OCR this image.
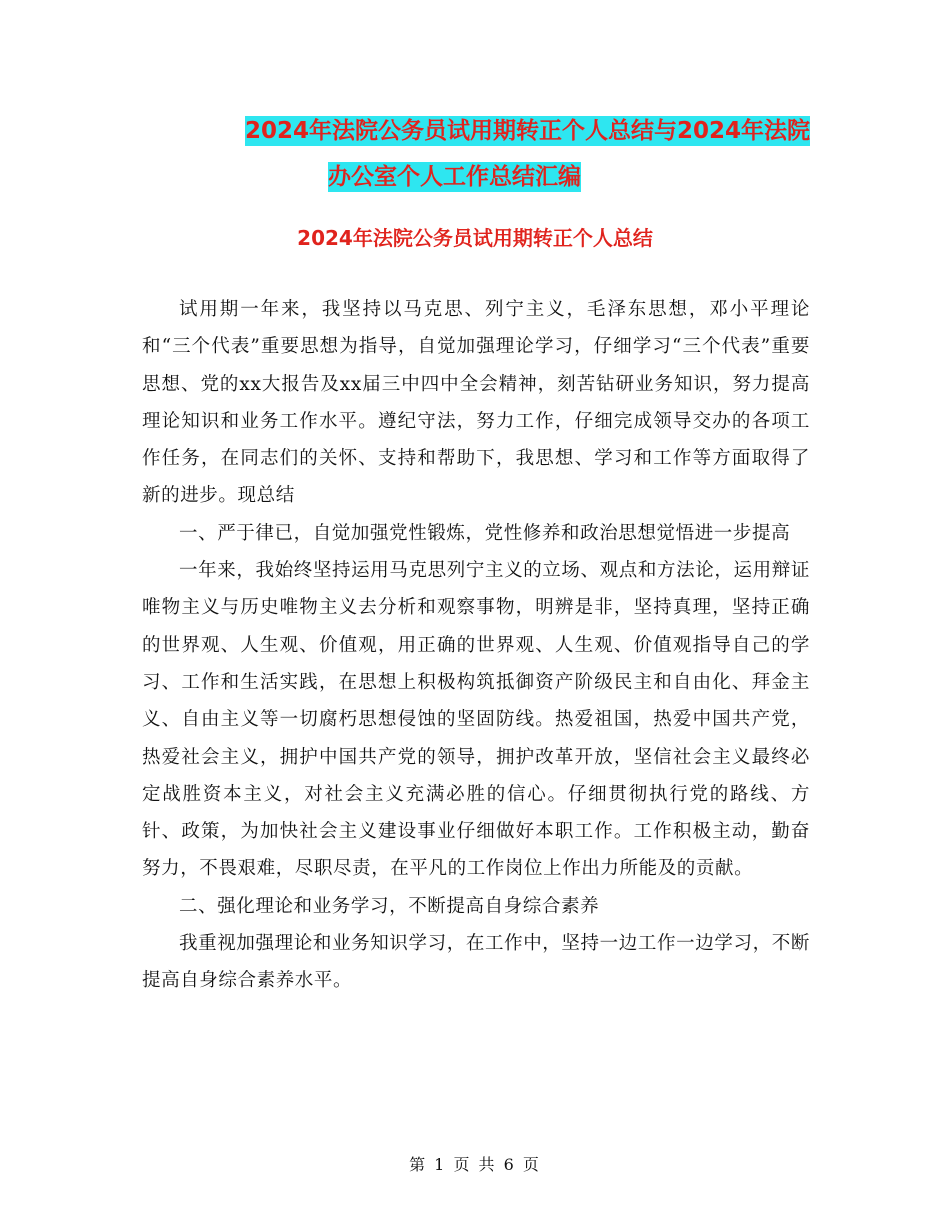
2024年法院公务员试用期转正个人总结与2024年法院
办公室个人工作总结汇编
2024年法院公务员试用期转正个人总结

试用期一年来，我坚持以马克思、列宁主义，毛泽东思想，邓小平理论和“三个代表”重要思想为指导，自觉加强理论学习，仔细学习“三个代表”重要思想、党的xx大报告及xx届三中四中全会精神，刻苦钻研业务知识，努力提高理论知识和业务工作水平。遵纪守法，努力工作，仔细完成领导交办的各项工作任务，在同志们的关怀、支持和帮助下，我思想、学习和工作等方面取得了新的进步。现总结

一、严于律已，自觉加强党性锻炼，党性修养和政治思想觉悟进一步提高

一年来，我始终坚持运用马克思列宁主义的立场、观点和方法论，运用辩证唯物主义与历史唯物主义去分析和观察事物，明辨是非，坚持真理，坚持正确的世界观、人生观、价值观，用正确的世界观、人生观、价值观指导自己的学习、工作和生活实践，在思想上积极构筑抵御资产阶级民主和自由化、拜金主义、自由主义等一切腐朽思想侵蚀的坚固防线。热爱祖国，热爱中国共产党，热爱社会主义，拥护中国共产党的领导，拥护改革开放，坚信社会主义最终必定战胜资本主义，对社会主义充满必胜的信心。仔细贯彻执行党的路线、方针、政策，为加快社会主义建设事业仔细做好本职工作。工作积极主动，勤奋努力，不畏艰难，尽职尽责，在平凡的工作岗位上作出力所能及的贡献。

二、强化理论和业务学习，不断提高自身综合素养

我重视加强理论和业务知识学习，在工作中，坚持一边工作一边学习，不断提高自身综合素养水平。

第 1 页 共 6 页
